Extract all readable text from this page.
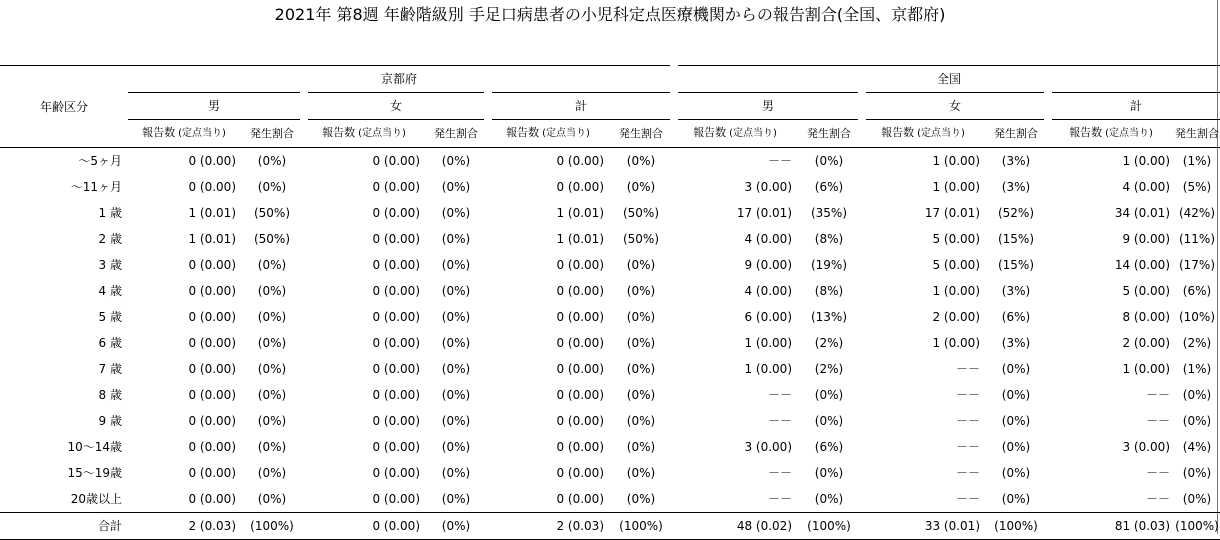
2021年 第8週 年齢階級別 手足口病患者の小児科定点医療機関からの報告割合(全国、京都府)
年齢区分	京都府						全国					
	男		女		計		男		女		計	
	報告数 (定点当り)	発生割合	報告数 (定点当り)	発生割合	報告数 (定点当り)	発生割合	報告数 (定点当り)	発生割合	報告数 (定点当り)	発生割合	報告数 (定点当り)	発生割合
～5ヶ月	0 (0.00)	(0%)	0 (0.00)	(0%)	0 (0.00)	(0%)	－－	(0%)	1 (0.00)	(3%)	1 (0.00)	(1%)
～11ヶ月	0 (0.00)	(0%)	0 (0.00)	(0%)	0 (0.00)	(0%)	3 (0.00)	(6%)	1 (0.00)	(3%)	4 (0.00)	(5%)
1 歳	1 (0.01)	(50%)	0 (0.00)	(0%)	1 (0.01)	(50%)	17 (0.01)	(35%)	17 (0.01)	(52%)	34 (0.01)	(42%)
2 歳	1 (0.01)	(50%)	0 (0.00)	(0%)	1 (0.01)	(50%)	4 (0.00)	(8%)	5 (0.00)	(15%)	9 (0.00)	(11%)
3 歳	0 (0.00)	(0%)	0 (0.00)	(0%)	0 (0.00)	(0%)	9 (0.00)	(19%)	5 (0.00)	(15%)	14 (0.00)	(17%)
4 歳	0 (0.00)	(0%)	0 (0.00)	(0%)	0 (0.00)	(0%)	4 (0.00)	(8%)	1 (0.00)	(3%)	5 (0.00)	(6%)
5 歳	0 (0.00)	(0%)	0 (0.00)	(0%)	0 (0.00)	(0%)	6 (0.00)	(13%)	2 (0.00)	(6%)	8 (0.00)	(10%)
6 歳	0 (0.00)	(0%)	0 (0.00)	(0%)	0 (0.00)	(0%)	1 (0.00)	(2%)	1 (0.00)	(3%)	2 (0.00)	(2%)
7 歳	0 (0.00)	(0%)	0 (0.00)	(0%)	0 (0.00)	(0%)	1 (0.00)	(2%)	－－	(0%)	1 (0.00)	(1%)
8 歳	0 (0.00)	(0%)	0 (0.00)	(0%)	0 (0.00)	(0%)	－－	(0%)	－－	(0%)	－－	(0%)
9 歳	0 (0.00)	(0%)	0 (0.00)	(0%)	0 (0.00)	(0%)	－－	(0%)	－－	(0%)	－－	(0%)
10～14歳	0 (0.00)	(0%)	0 (0.00)	(0%)	0 (0.00)	(0%)	3 (0.00)	(6%)	－－	(0%)	3 (0.00)	(4%)
15～19歳	0 (0.00)	(0%)	0 (0.00)	(0%)	0 (0.00)	(0%)	－－	(0%)	－－	(0%)	－－	(0%)
20歳以上	0 (0.00)	(0%)	0 (0.00)	(0%)	0 (0.00)	(0%)	－－	(0%)	－－	(0%)	－－	(0%)
合計	2 (0.03)	(100%)	0 (0.00)	(0%)	2 (0.03)	(100%)	48 (0.02)	(100%)	33 (0.01)	(100%)	81 (0.03)	(100%)
